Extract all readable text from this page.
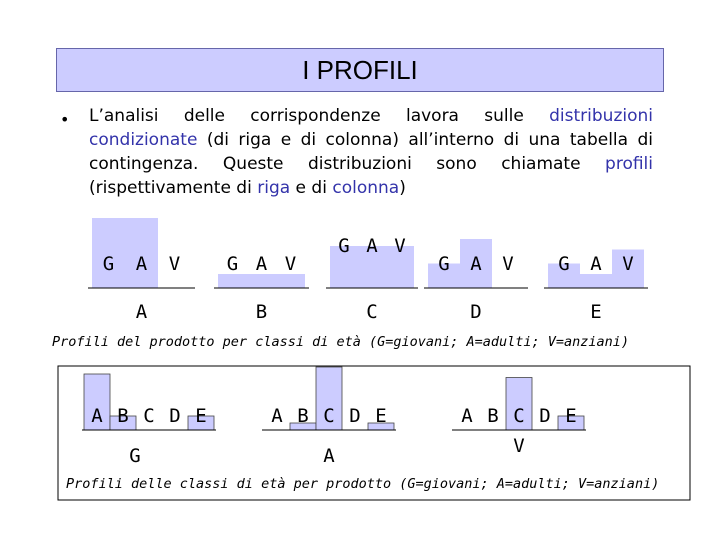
I PROFILI
• L’analisi delle corrispondenze lavora sulle distribuzioni condizionate (di riga e di colonna) all’interno di una tabella di contingenza. Queste distribuzioni sono chiamate profili (rispettivamente di riga e di colonna)
G A V
A
G A V
B
G A V
C
G A V
D
G A V
E
Profili del prodotto per classi di età (G=giovani; A=adulti; V=anziani)
A B C D E
G
A B C D E
A
A B C D E
V
Profili delle classi di età per prodotto (G=giovani; A=adulti; V=anziani)
